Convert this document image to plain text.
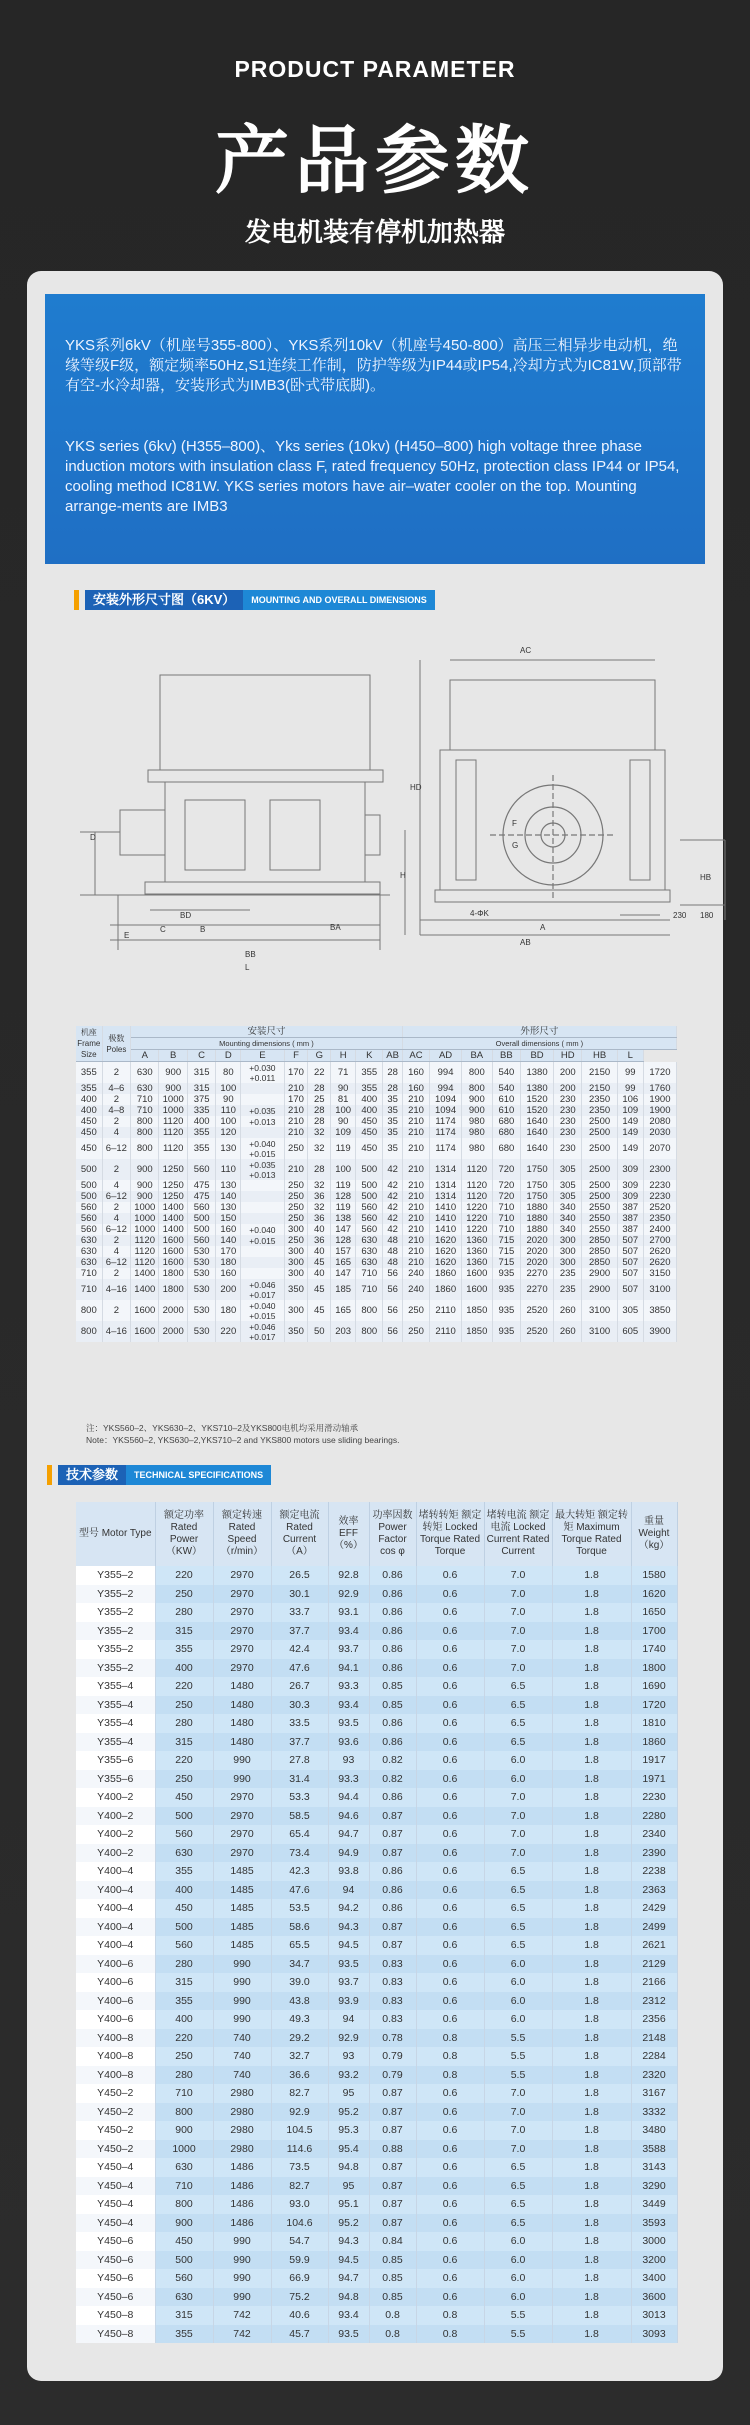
PRODUCT PARAMETER
产品参数
发电机装有停机加热器

YKS系列6kV（机座号355-800）、YKS系列10kV（机座号450-800）高压三相异步电动机，绝缘等级F级，额定频率50Hz,S1连续工作制，防护等级为IP44或IP54,冷却方式为IC81W,顶部带有空-水冷却器，安装形式为IMB3(卧式带底脚)。

YKS series (6kv) (H355–800)、Yks series (10kv) (H450–800) high voltage three phase induction motors with insulation class F, rated frequency 50Hz, protection class IP44 or IP54, cooling method IC81W. YKS series motors have air–water cooler on the top. Mounting arrange-ments are IMB3

安装外形尺寸图（6KV）	MOUNTING AND OVERALL DIMENSIONS
技术参数	TECHNICAL SPECIFICATIONS
BB
L
BA
BD
B
C
E
AC
AB
A
HD
H	HB
4-ΦK
F
G
D
230 180
机座 Frame Size	极数 Poles	安装尺寸										外形尺寸								
		Mounting dimensions ( mm )										Overall dimensions ( mm )								
		A	B	C	D	E	F	G	H	K	AB	AC	AD	BA	BB	BD	HD	HB	L	
355	2	630	900	315	80	+0.030 +0.011	170	22	71	355	28	160	994	800	540	1380	200	2150	99	1720
355	4–6	630	900	315	100		210	28	90	355	28	160	994	800	540	1380	200	2150	99	1760
400	2	710	1000	375	90		170	25	81	400	35	210	1094	900	610	1520	230	2350	106	1900
400	4–8	710	1000	335	110	+0.035	210	28	100	400	35	210	1094	900	610	1520	230	2350	109	1900
450	2	800	1120	400	100	+0.013	210	28	90	450	35	210	1174	980	680	1640	230	2500	149	2080
450	4	800	1120	355	120		210	32	109	450	35	210	1174	980	680	1640	230	2500	149	2030
450	6–12	800	1120	355	130	+0.040 +0.015	250	32	119	450	35	210	1174	980	680	1640	230	2500	149	2070
500	2	900	1250	560	110	+0.035 +0.013	210	28	100	500	42	210	1314	1120	720	1750	305	2500	309	2300
500	4	900	1250	475	130		250	32	119	500	42	210	1314	1120	720	1750	305	2500	309	2230
500	6–12	900	1250	475	140		250	36	128	500	42	210	1314	1120	720	1750	305	2500	309	2230
560	2	1000	1400	560	130		250	32	119	560	42	210	1410	1220	710	1880	340	2550	387	2520
560	4	1000	1400	500	150		250	36	138	560	42	210	1410	1220	710	1880	340	2550	387	2350
560	6–12	1000	1400	500	160	+0.040	300	40	147	560	42	210	1410	1220	710	1880	340	2550	387	2400
630	2	1120	1600	560	140	+0.015	250	36	128	630	48	210	1620	1360	715	2020	300	2850	507	2700
630	4	1120	1600	530	170		300	40	157	630	48	210	1620	1360	715	2020	300	2850	507	2620
630	6–12	1120	1600	530	180		300	45	165	630	48	210	1620	1360	715	2020	300	2850	507	2620
710	2	1400	1800	530	160		300	40	147	710	56	240	1860	1600	935	2270	235	2900	507	3150
710	4–16	1400	1800	530	200	+0.046 +0.017	350	45	185	710	56	240	1860	1600	935	2270	235	2900	507	3100
800	2	1600	2000	530	180	+0.040 +0.015	300	45	165	800	56	250	2110	1850	935	2520	260	3100	305	3850
800	4–16	1600	2000	530	220	+0.046 +0.017	350	50	203	800	56	250	2110	1850	935	2520	260	3100	605	3900
注：YKS560–2、YKS630–2、YKS710–2及YKS800电机均采用滑动轴承
Note：YKS560–2, YKS630–2,YKS710–2 and YKS800 motors use sliding bearings.
型号 Motor Type	额定功率 Rated Power（KW）	额定转速 Rated Speed（r/min）	额定电流 Rated Current（A）	效率 EFF（%）	功率因数 Power Factor cos φ	堵转转矩 额定转矩 Locked Torque Rated Torque	堵转电流 额定电流 Locked Current Rated Current	最大转矩 额定转矩 Maximum Torque Rated Torque	重量 Weight（kg）
Y355–2	220	2970	26.5	92.8	0.86	0.6	7.0	1.8	1580
Y355–2	250	2970	30.1	92.9	0.86	0.6	7.0	1.8	1620
Y355–2	280	2970	33.7	93.1	0.86	0.6	7.0	1.8	1650
Y355–2	315	2970	37.7	93.4	0.86	0.6	7.0	1.8	1700
Y355–2	355	2970	42.4	93.7	0.86	0.6	7.0	1.8	1740
Y355–2	400	2970	47.6	94.1	0.86	0.6	7.0	1.8	1800
Y355–4	220	1480	26.7	93.3	0.85	0.6	6.5	1.8	1690
Y355–4	250	1480	30.3	93.4	0.85	0.6	6.5	1.8	1720
Y355–4	280	1480	33.5	93.5	0.86	0.6	6.5	1.8	1810
Y355–4	315	1480	37.7	93.6	0.86	0.6	6.5	1.8	1860
Y355–6	220	990	27.8	93	0.82	0.6	6.0	1.8	1917
Y355–6	250	990	31.4	93.3	0.82	0.6	6.0	1.8	1971
Y400–2	450	2970	53.3	94.4	0.86	0.6	7.0	1.8	2230
Y400–2	500	2970	58.5	94.6	0.87	0.6	7.0	1.8	2280
Y400–2	560	2970	65.4	94.7	0.87	0.6	7.0	1.8	2340
Y400–2	630	2970	73.4	94.9	0.87	0.6	7.0	1.8	2390
Y400–4	355	1485	42.3	93.8	0.86	0.6	6.5	1.8	2238
Y400–4	400	1485	47.6	94	0.86	0.6	6.5	1.8	2363
Y400–4	450	1485	53.5	94.2	0.86	0.6	6.5	1.8	2429
Y400–4	500	1485	58.6	94.3	0.87	0.6	6.5	1.8	2499
Y400–4	560	1485	65.5	94.5	0.87	0.6	6.5	1.8	2621
Y400–6	280	990	34.7	93.5	0.83	0.6	6.0	1.8	2129
Y400–6	315	990	39.0	93.7	0.83	0.6	6.0	1.8	2166
Y400–6	355	990	43.8	93.9	0.83	0.6	6.0	1.8	2312
Y400–6	400	990	49.3	94	0.83	0.6	6.0	1.8	2356
Y400–8	220	740	29.2	92.9	0.78	0.8	5.5	1.8	2148
Y400–8	250	740	32.7	93	0.79	0.8	5.5	1.8	2284
Y400–8	280	740	36.6	93.2	0.79	0.8	5.5	1.8	2320
Y450–2	710	2980	82.7	95	0.87	0.6	7.0	1.8	3167
Y450–2	800	2980	92.9	95.2	0.87	0.6	7.0	1.8	3332
Y450–2	900	2980	104.5	95.3	0.87	0.6	7.0	1.8	3480
Y450–2	1000	2980	114.6	95.4	0.88	0.6	7.0	1.8	3588
Y450–4	630	1486	73.5	94.8	0.87	0.6	6.5	1.8	3143
Y450–4	710	1486	82.7	95	0.87	0.6	6.5	1.8	3290
Y450–4	800	1486	93.0	95.1	0.87	0.6	6.5	1.8	3449
Y450–4	900	1486	104.6	95.2	0.87	0.6	6.5	1.8	3593
Y450–6	450	990	54.7	94.3	0.84	0.6	6.0	1.8	3000
Y450–6	500	990	59.9	94.5	0.85	0.6	6.0	1.8	3200
Y450–6	560	990	66.9	94.7	0.85	0.6	6.0	1.8	3400
Y450–6	630	990	75.2	94.8	0.85	0.6	6.0	1.8	3600
Y450–8	315	742	40.6	93.4	0.8	0.8	5.5	1.8	3013
Y450–8	355	742	45.7	93.5	0.8	0.8	5.5	1.8	3093
